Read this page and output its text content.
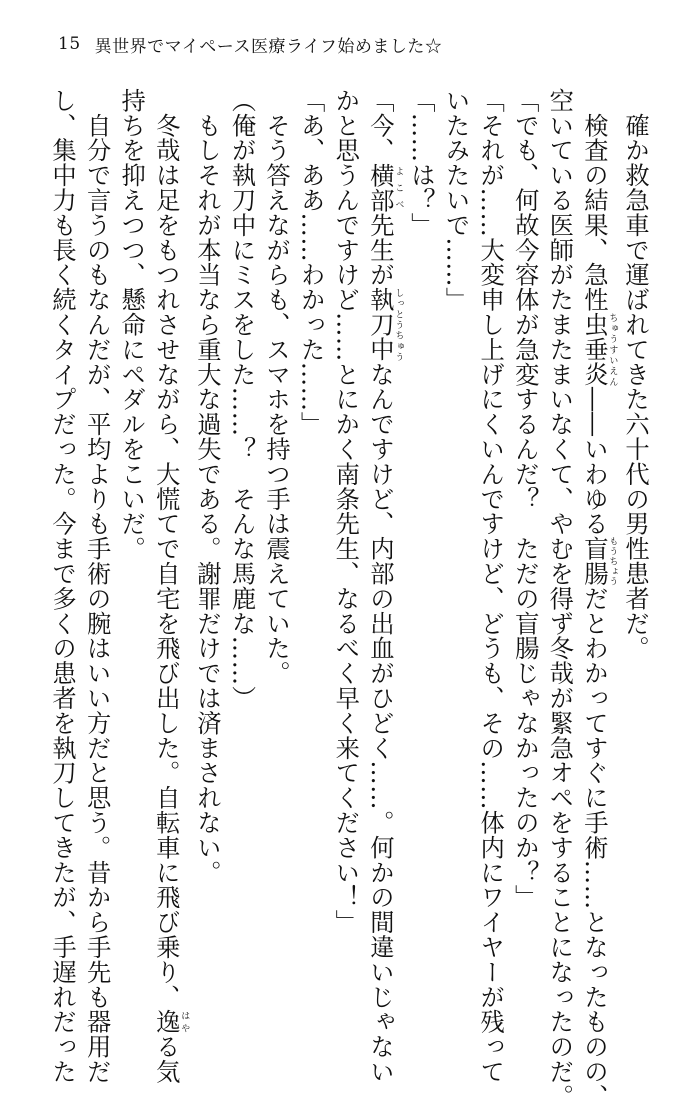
15 異世界でマイペース医療ライフ始めました☆
　確か救急車で運ばれてきた六十代の男性患者だ。
　検査の結果、急性虫垂炎ちゅうすいえん――いわゆる盲腸もうちょうだとわかってすぐに手術……となったものの、
空いている医師がたまたまいなくて、やむを得ず冬哉が緊急オペをすることになったのだ。
「でも、何故今容体が急変するんだ？　ただの盲腸じゃなかったのか？」
「それが……大変申し上げにくいんですけど、どうも、その……体内にワイヤーが残って
いたみたいで……」
「……は？」
「今、横部よこべ先生が執刀中しっとうちゅうなんですけど、内部の出血がひどく……。何かの間違いじゃない
かと思うんですけど……とにかく南条先生、なるべく早く来てください！」
「あ、ああ……わかった……」
　そう答えながらも、スマホを持つ手は震えていた。
（俺が執刀中にミスをした……？　そんな馬鹿な……）
　もしそれが本当なら重大な過失である。謝罪だけでは済まされない。
　冬哉は足をもつれさせながら、大慌てで自宅を飛び出した。自転車に飛び乗り、逸はやる気
持ちを抑えつつ、懸命にペダルをこいだ。
　自分で言うのもなんだが、平均よりも手術の腕はいい方だと思う。昔から手先も器用だ
し、集中力も長く続くタイプだった。今まで多くの患者を執刀してきたが、手遅れだった
